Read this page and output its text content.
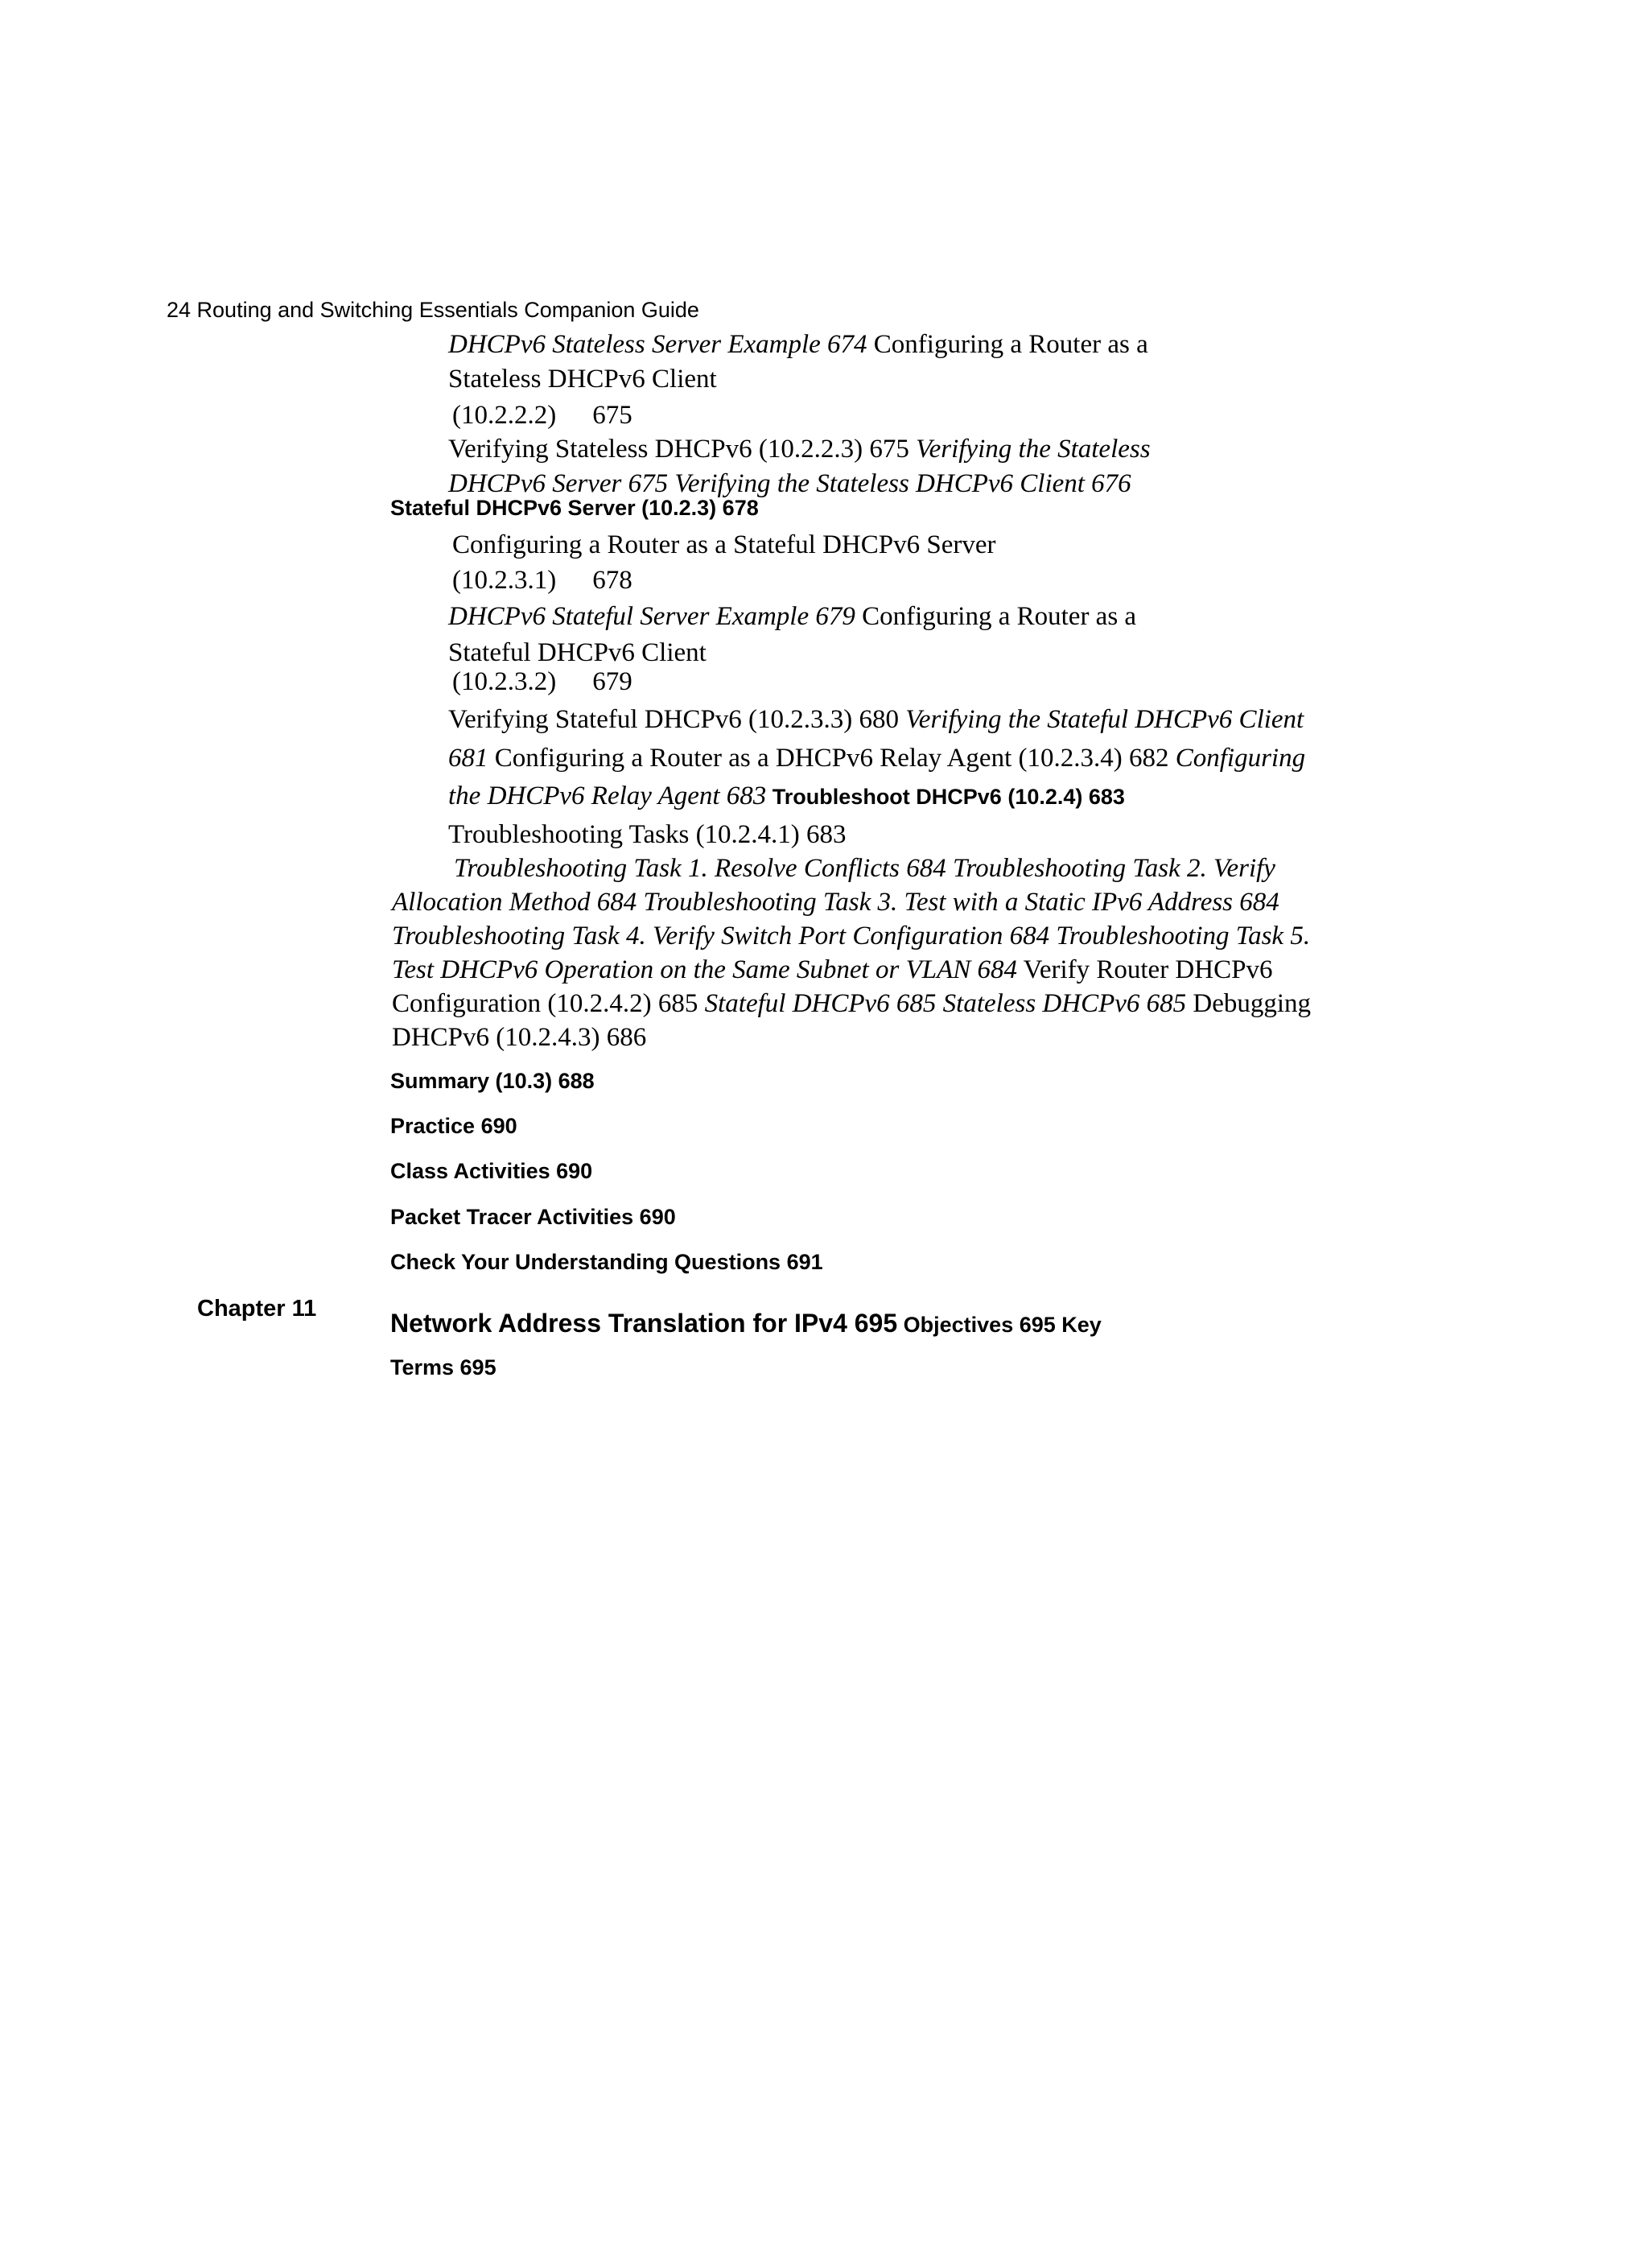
24 Routing and Switching Essentials Companion Guide
DHCPv6 Stateless Server Example 674 Configuring a Router as a
Stateless DHCPv6 Client
(10.2.2.2) 675
Verifying Stateless DHCPv6 (10.2.2.3) 675 Verifying the Stateless
DHCPv6 Server 675 Verifying the Stateless DHCPv6 Client 676
Stateful DHCPv6 Server (10.2.3) 678
Configuring a Router as a Stateful DHCPv6 Server
(10.2.3.1) 678
DHCPv6 Stateful Server Example 679 Configuring a Router as a
Stateful DHCPv6 Client
(10.2.3.2) 679
Verifying Stateful DHCPv6 (10.2.3.3) 680 Verifying the Stateful DHCPv6 Client
681 Configuring a Router as a DHCPv6 Relay Agent (10.2.3.4) 682 Configuring
the DHCPv6 Relay Agent 683 Troubleshoot DHCPv6 (10.2.4) 683
Troubleshooting Tasks (10.2.4.1) 683
Troubleshooting Task 1. Resolve Conflicts 684 Troubleshooting Task 2. Verify Allocation Method 684 Troubleshooting Task 3. Test with a Static IPv6 Address 684 Troubleshooting Task 4. Verify Switch Port Configuration 684 Troubleshooting Task 5. Test DHCPv6 Operation on the Same Subnet or VLAN 684 Verify Router DHCPv6 Configuration (10.2.4.2) 685 Stateful DHCPv6 685 Stateless DHCPv6 685 Debugging DHCPv6 (10.2.4.3) 686
Summary (10.3) 688
Practice 690
Class Activities 690
Packet Tracer Activities 690
Check Your Understanding Questions 691
Chapter 11	Network Address Translation for IPv4 695 Objectives 695 Key
Terms 695
